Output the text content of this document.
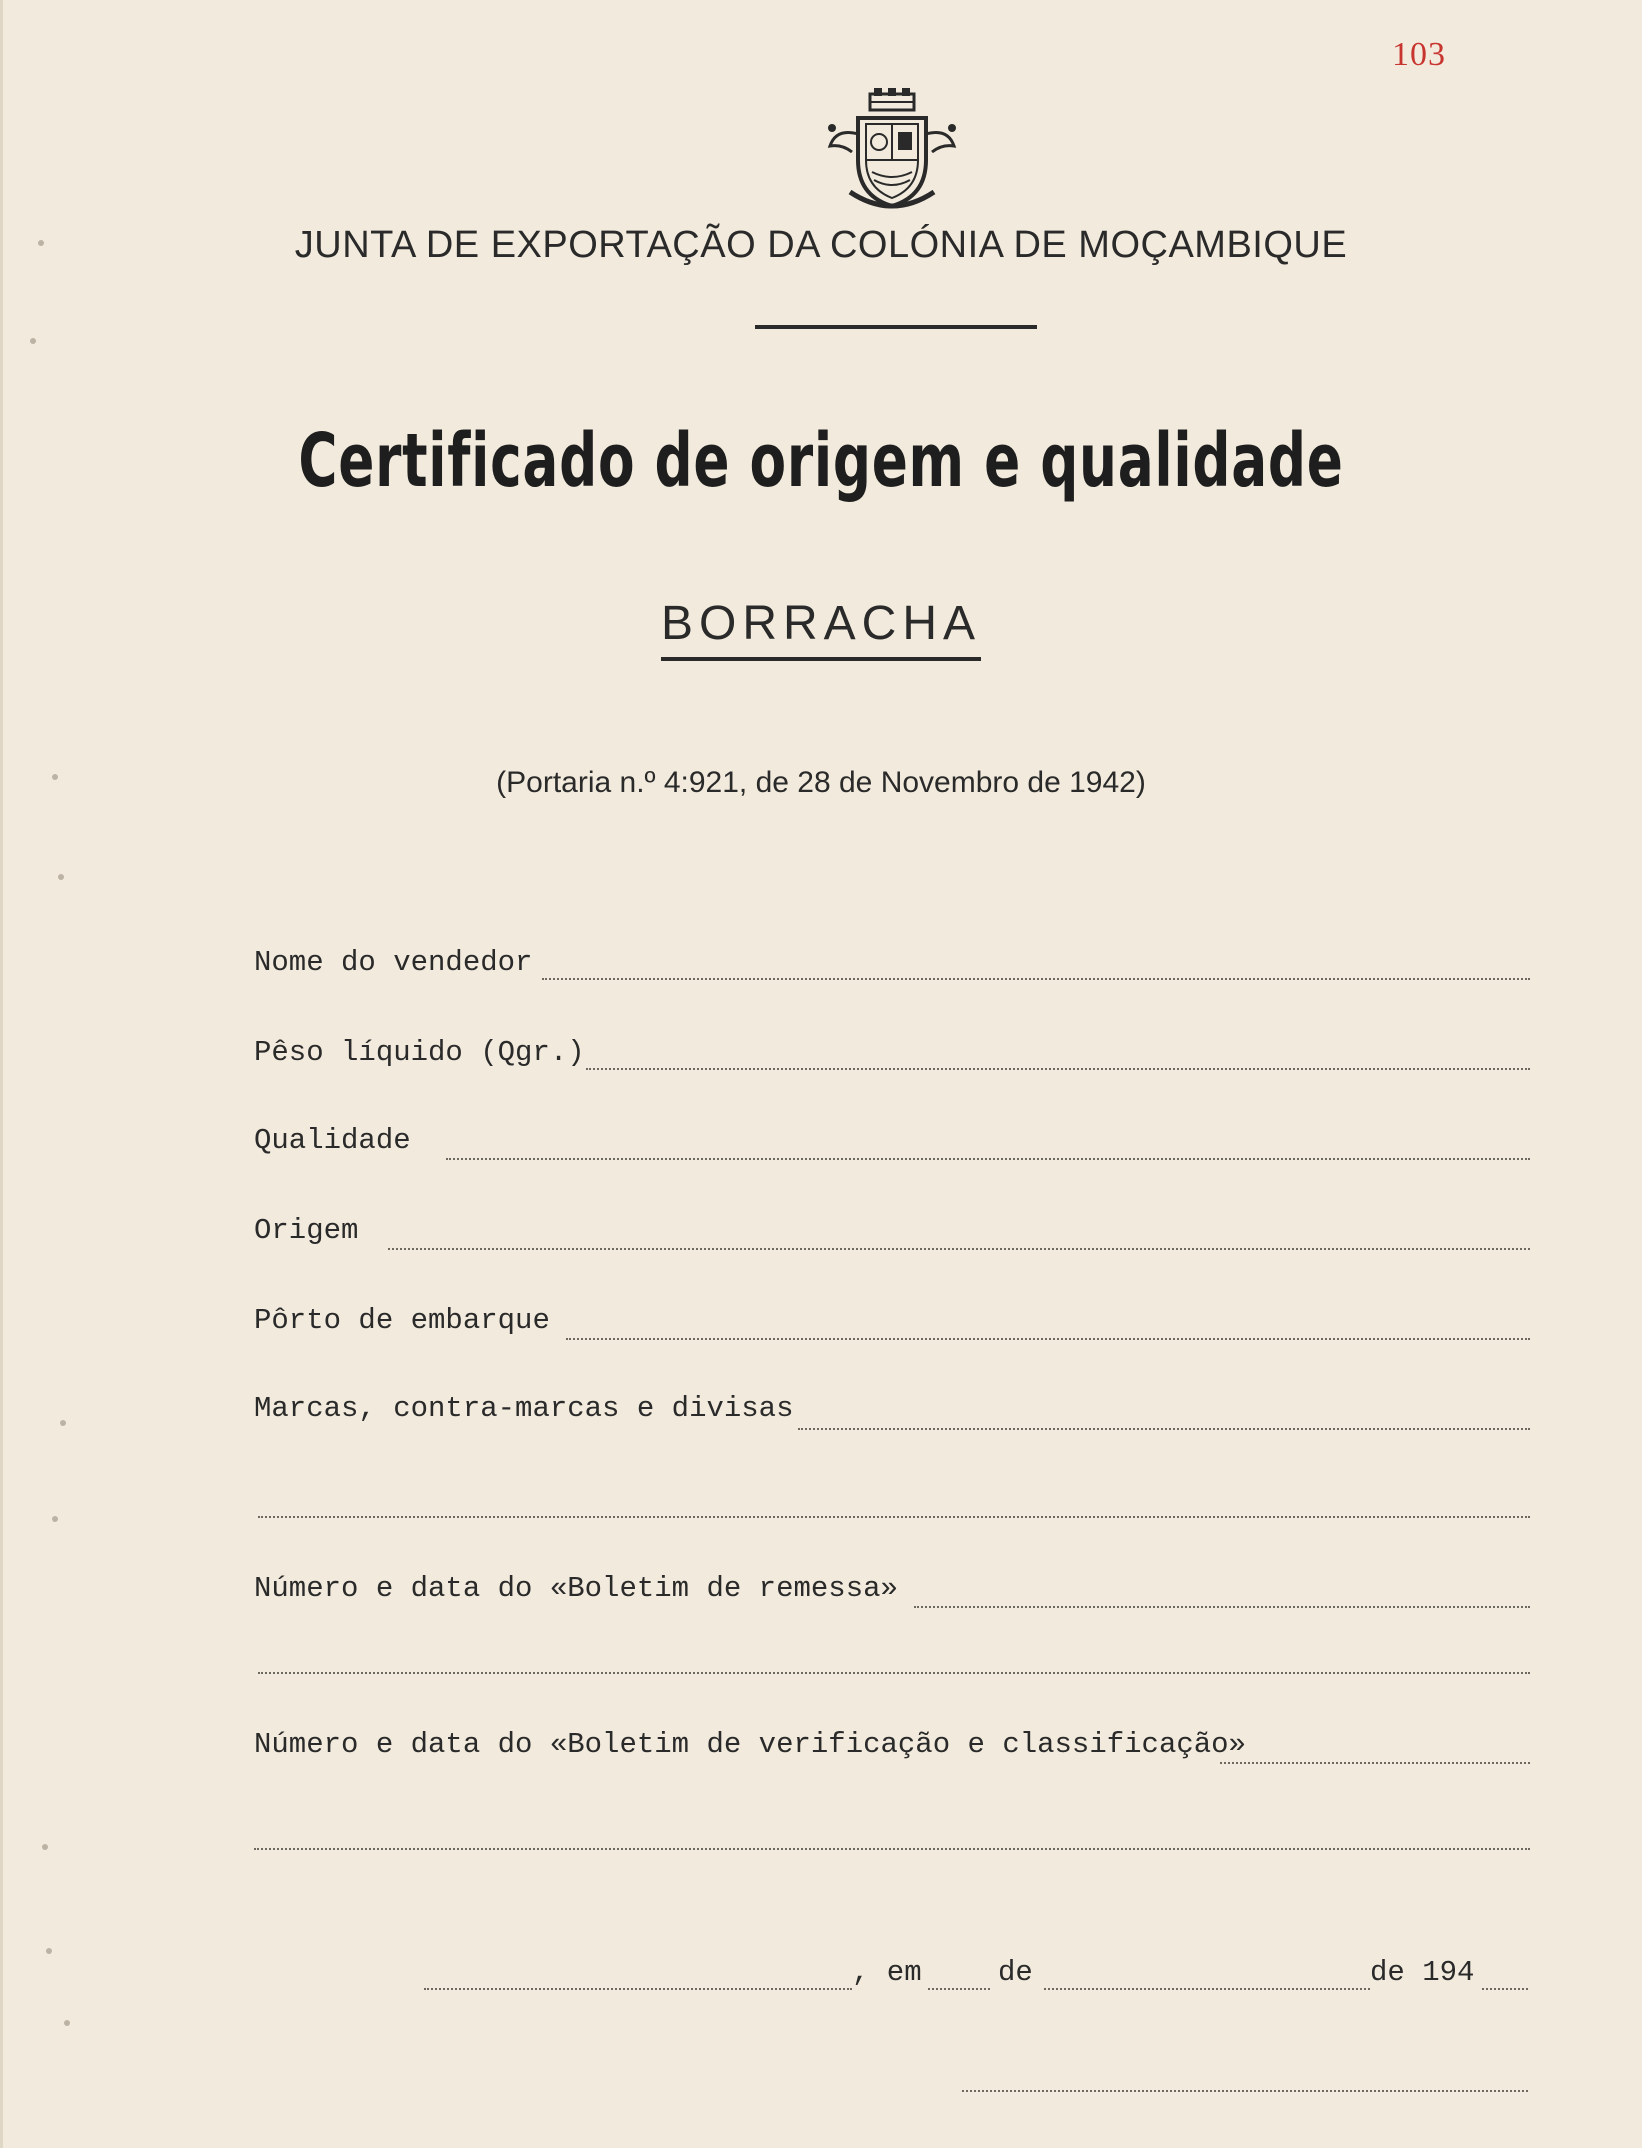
103
JUNTA DE EXPORTAÇÃO DA COLÓNIA DE MOÇAMBIQUE
Certificado de origem e qualidade
BORRACHA
(Portaria n.º 4:921, de 28 de Novembro de 1942)
Nome do vendedor
Pêso líquido (Qgr.)
Qualidade
Origem
Pôrto de embarque
Marcas, contra-marcas e divisas
Número e data do «Boletim de remessa»
Número e data do «Boletim de verificação e classificação»
, em	de	de 194
